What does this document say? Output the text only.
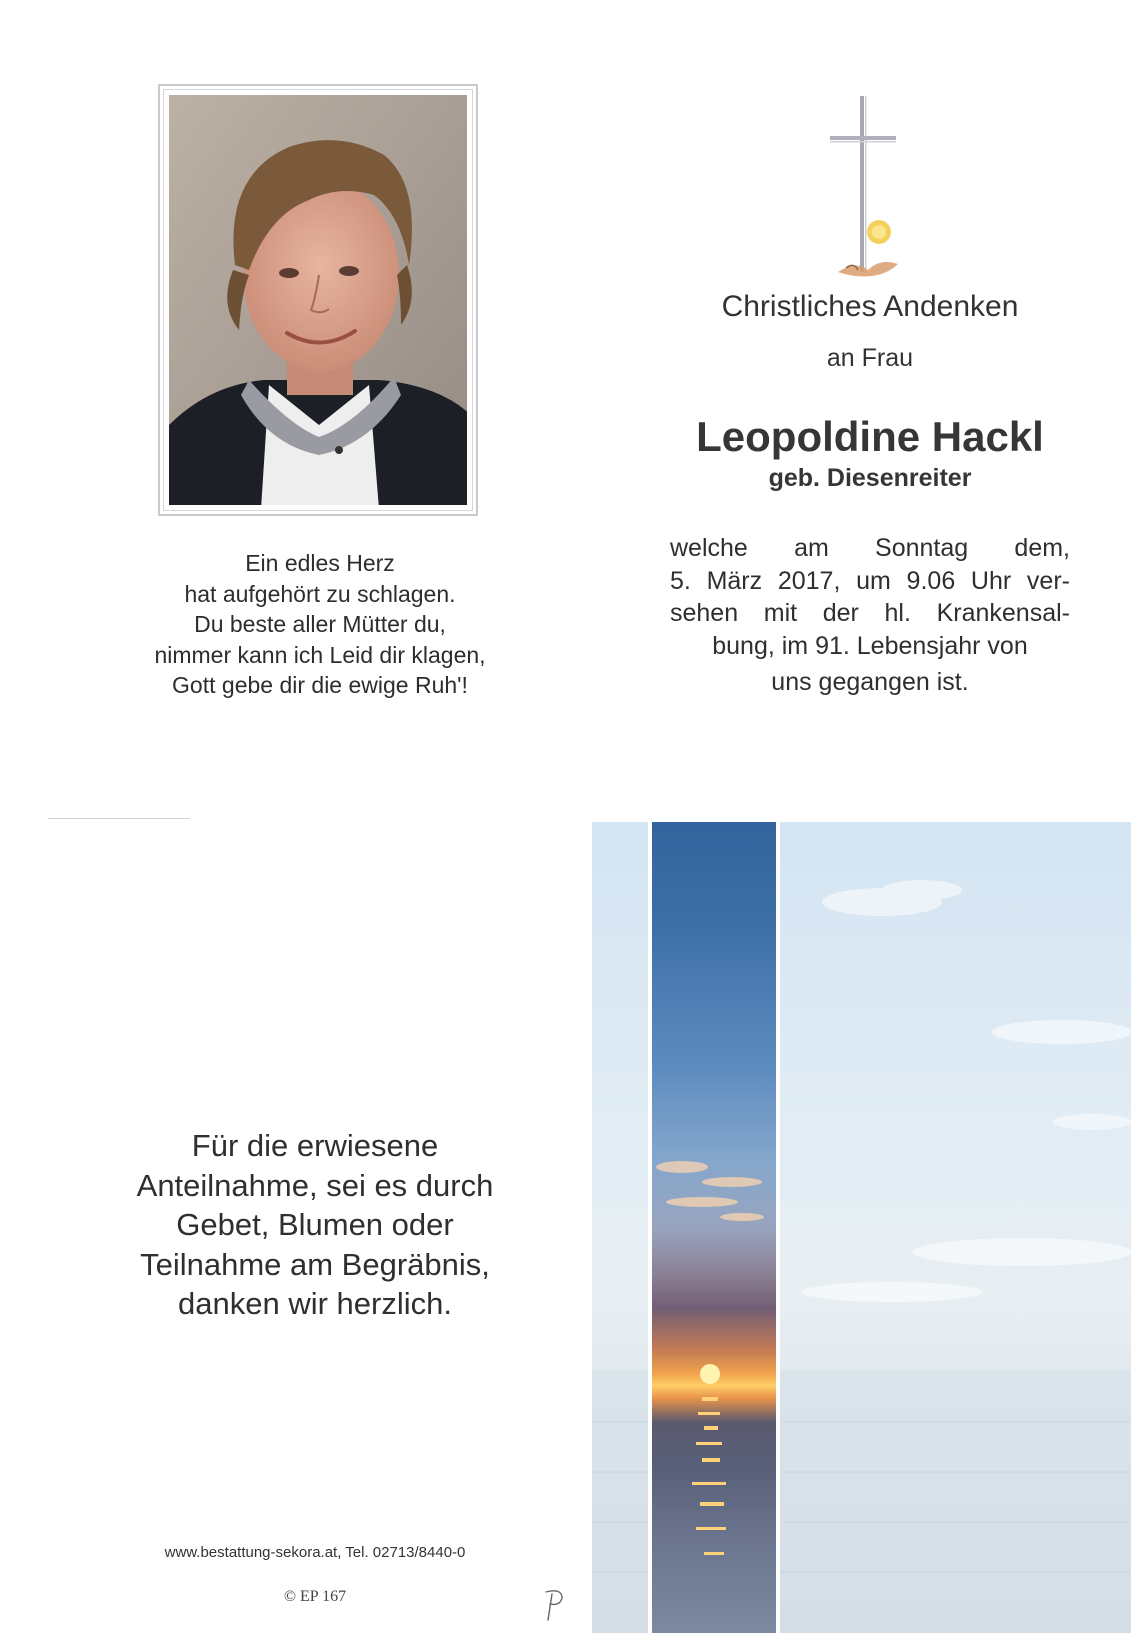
Ein edles Herz
hat aufgehört zu schlagen.
Du beste aller Mütter du,
nimmer kann ich Leid dir klagen,
Gott gebe dir die ewige Ruh'!
Christliches Andenken
an Frau
Leopoldine Hackl
geb. Diesenreiter
welche am Sonntag dem,
5. März 2017, um 9.06 Uhr ver-
sehen mit der hl. Krankensal-
bung, im 91. Lebensjahr von
uns gegangen ist.
Für die erwiesene
Anteilnahme, sei es durch
Gebet, Blumen oder
Teilnahme am Begräbnis,
danken wir herzlich.
www.bestattung-sekora.at, Tel. 02713/8440-0
© EP 167
